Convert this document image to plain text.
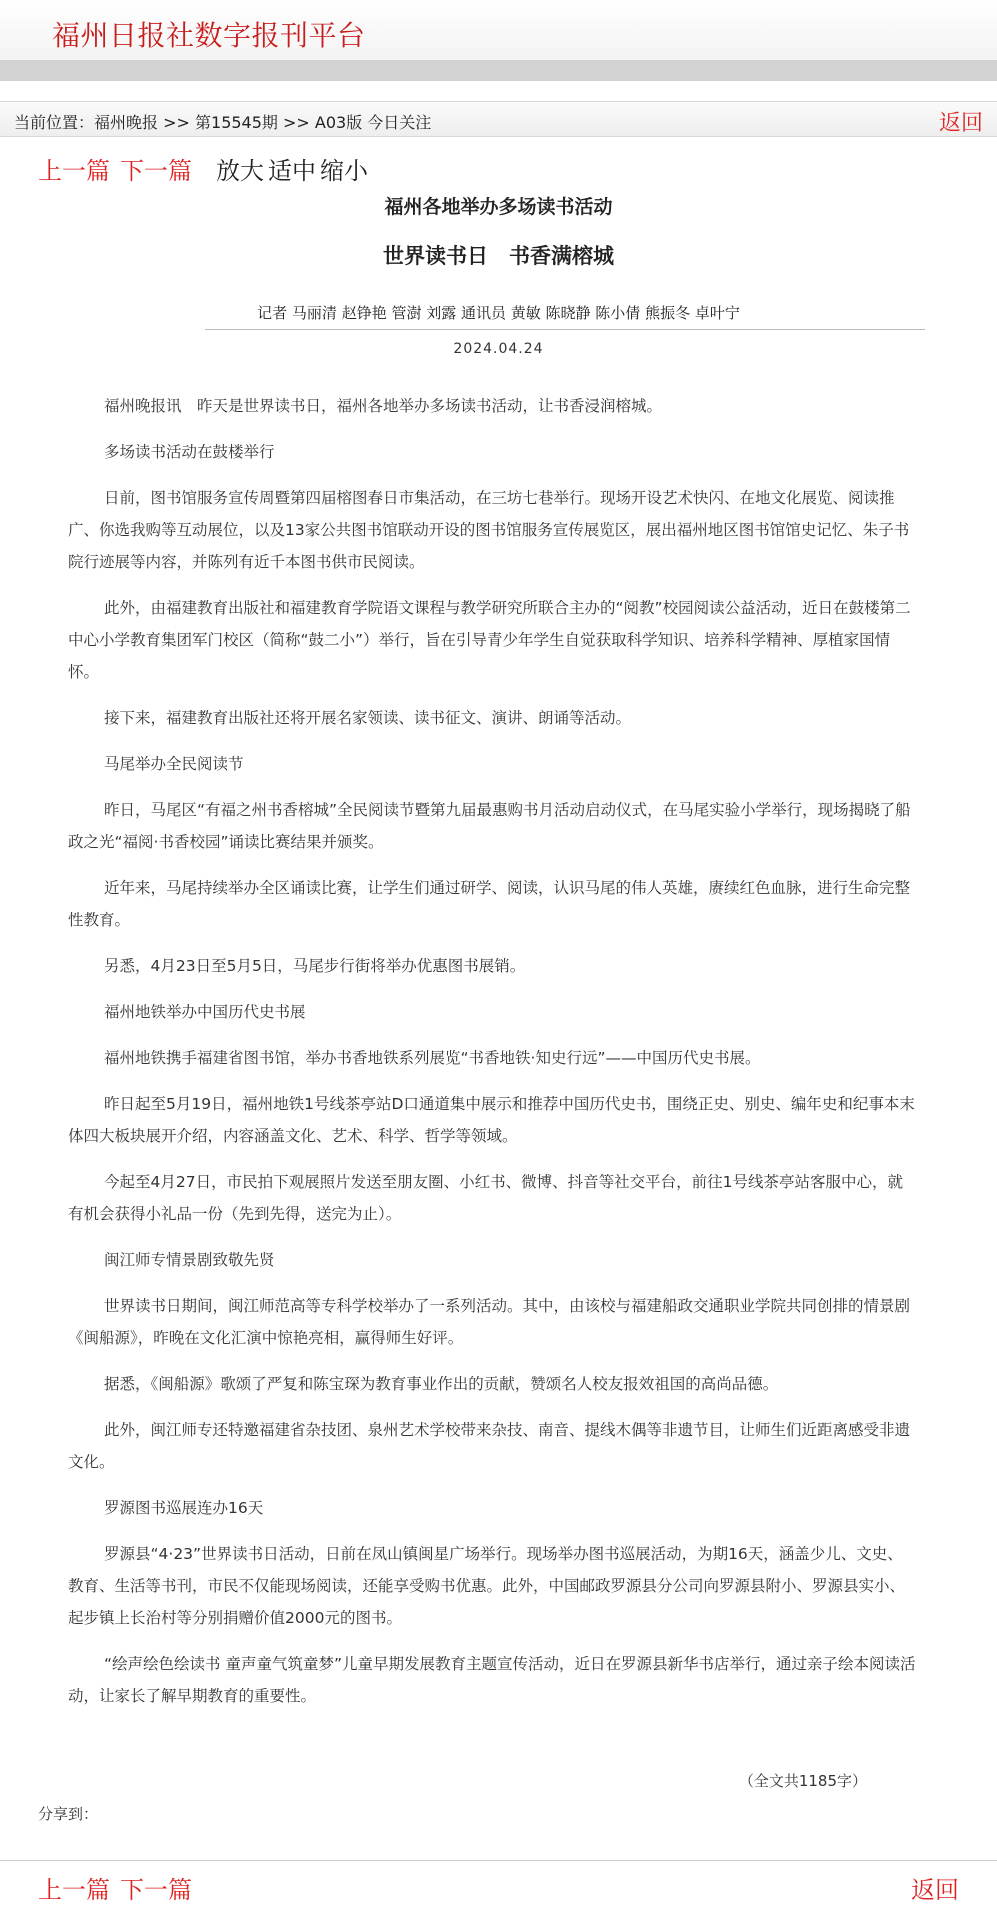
福州日报社数字报刊平台
当前位置：福州晚报 >> 第15545期 >> A03版 今日关注	返回
上一篇 下一篇 放大 适中 缩小
福州各地举办多场读书活动
世界读书日　书香满榕城
记者 马丽清 赵铮艳 管澍 刘露 通讯员 黄敏 陈晓静 陈小倩 熊振冬 卓叶宁
2024.04.24

福州晚报讯　昨天是世界读书日，福州各地举办多场读书活动，让书香浸润榕城。

多场读书活动在鼓楼举行

日前，图书馆服务宣传周暨第四届榕图春日市集活动，在三坊七巷举行。现场开设艺术快闪、在地文化展览、阅读推广、你选我购等互动展位，以及13家公共图书馆联动开设的图书馆服务宣传展览区，展出福州地区图书馆馆史记忆、朱子书院行迹展等内容，并陈列有近千本图书供市民阅读。

此外，由福建教育出版社和福建教育学院语文课程与教学研究所联合主办的“阅教”校园阅读公益活动，近日在鼓楼第二中心小学教育集团军门校区（简称“鼓二小”）举行，旨在引导青少年学生自觉获取科学知识、培养科学精神、厚植家国情怀。

接下来，福建教育出版社还将开展名家领读、读书征文、演讲、朗诵等活动。

马尾举办全民阅读节

昨日，马尾区“有福之州书香榕城”全民阅读节暨第九届最惠购书月活动启动仪式，在马尾实验小学举行，现场揭晓了船政之光“福阅·书香校园”诵读比赛结果并颁奖。

近年来，马尾持续举办全区诵读比赛，让学生们通过研学、阅读，认识马尾的伟人英雄，赓续红色血脉，进行生命完整性教育。

另悉，4月23日至5月5日，马尾步行街将举办优惠图书展销。

福州地铁举办中国历代史书展

福州地铁携手福建省图书馆，举办书香地铁系列展览“书香地铁·知史行远”——中国历代史书展。

昨日起至5月19日，福州地铁1号线茶亭站D口通道集中展示和推荐中国历代史书，围绕正史、别史、编年史和纪事本末体四大板块展开介绍，内容涵盖文化、艺术、科学、哲学等领域。

今起至4月27日，市民拍下观展照片发送至朋友圈、小红书、微博、抖音等社交平台，前往1号线茶亭站客服中心，就有机会获得小礼品一份（先到先得，送完为止）。

闽江师专情景剧致敬先贤

世界读书日期间，闽江师范高等专科学校举办了一系列活动。其中，由该校与福建船政交通职业学院共同创排的情景剧《闽船源》，昨晚在文化汇演中惊艳亮相，赢得师生好评。

据悉，《闽船源》歌颂了严复和陈宝琛为教育事业作出的贡献，赞颂名人校友报效祖国的高尚品德。

此外，闽江师专还特邀福建省杂技团、泉州艺术学校带来杂技、南音、提线木偶等非遗节目，让师生们近距离感受非遗文化。

罗源图书巡展连办16天

罗源县“4·23”世界读书日活动，日前在凤山镇闽星广场举行。现场举办图书巡展活动，为期16天，涵盖少儿、文史、教育、生活等书刊，市民不仅能现场阅读，还能享受购书优惠。此外，中国邮政罗源县分公司向罗源县附小、罗源县实小、起步镇上长治村等分别捐赠价值2000元的图书。

“绘声绘色绘读书 童声童气筑童梦”儿童早期发展教育主题宣传活动，近日在罗源县新华书店举行，通过亲子绘本阅读活动，让家长了解早期教育的重要性。

（全文共1185字）
分享到：
上一篇 下一篇	返回
